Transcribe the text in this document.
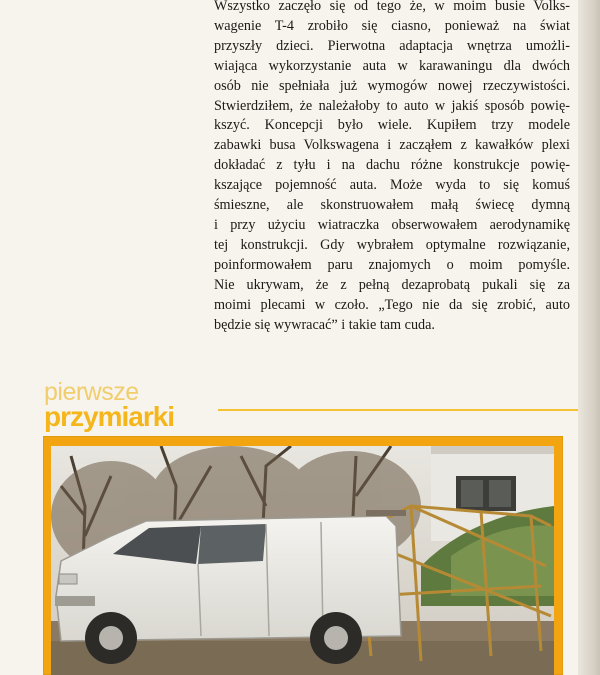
Wszystko zaczęło się od tego że, w moim busie Volks-
wagenie T-4 zrobiło się ciasno, ponieważ na świat
przyszły dzieci. Pierwotna adaptacja wnętrza umożli-
wiająca wykorzystanie auta w karawaningu dla dwóch
osób nie spełniała już wymogów nowej rzeczywistości.
Stwierdziłem, że należałoby to auto w jakiś sposób powię-
kszyć. Koncepcji było wiele. Kupiłem trzy modele
zabawki busa Volkswagena i zacząłem z kawałków plexi
dokładać z tyłu i na dachu różne konstrukcje powię-
kszające pojemność auta. Może wyda to się komuś
śmieszne, ale skonstruowałem małą świecę dymną
i przy użyciu wiatraczka obserwowałem aerodynamikę
tej konstrukcji. Gdy wybrałem optymalne rozwiązanie,
poinformowałem paru znajomych o moim pomyśle.
Nie ukrywam, że z pełną dezaprobatą pukali się za
moimi plecami w czoło. „Tego nie da się zrobić, auto
będzie się wywracać” i takie tam cuda.
pierwsze
przymiarki
